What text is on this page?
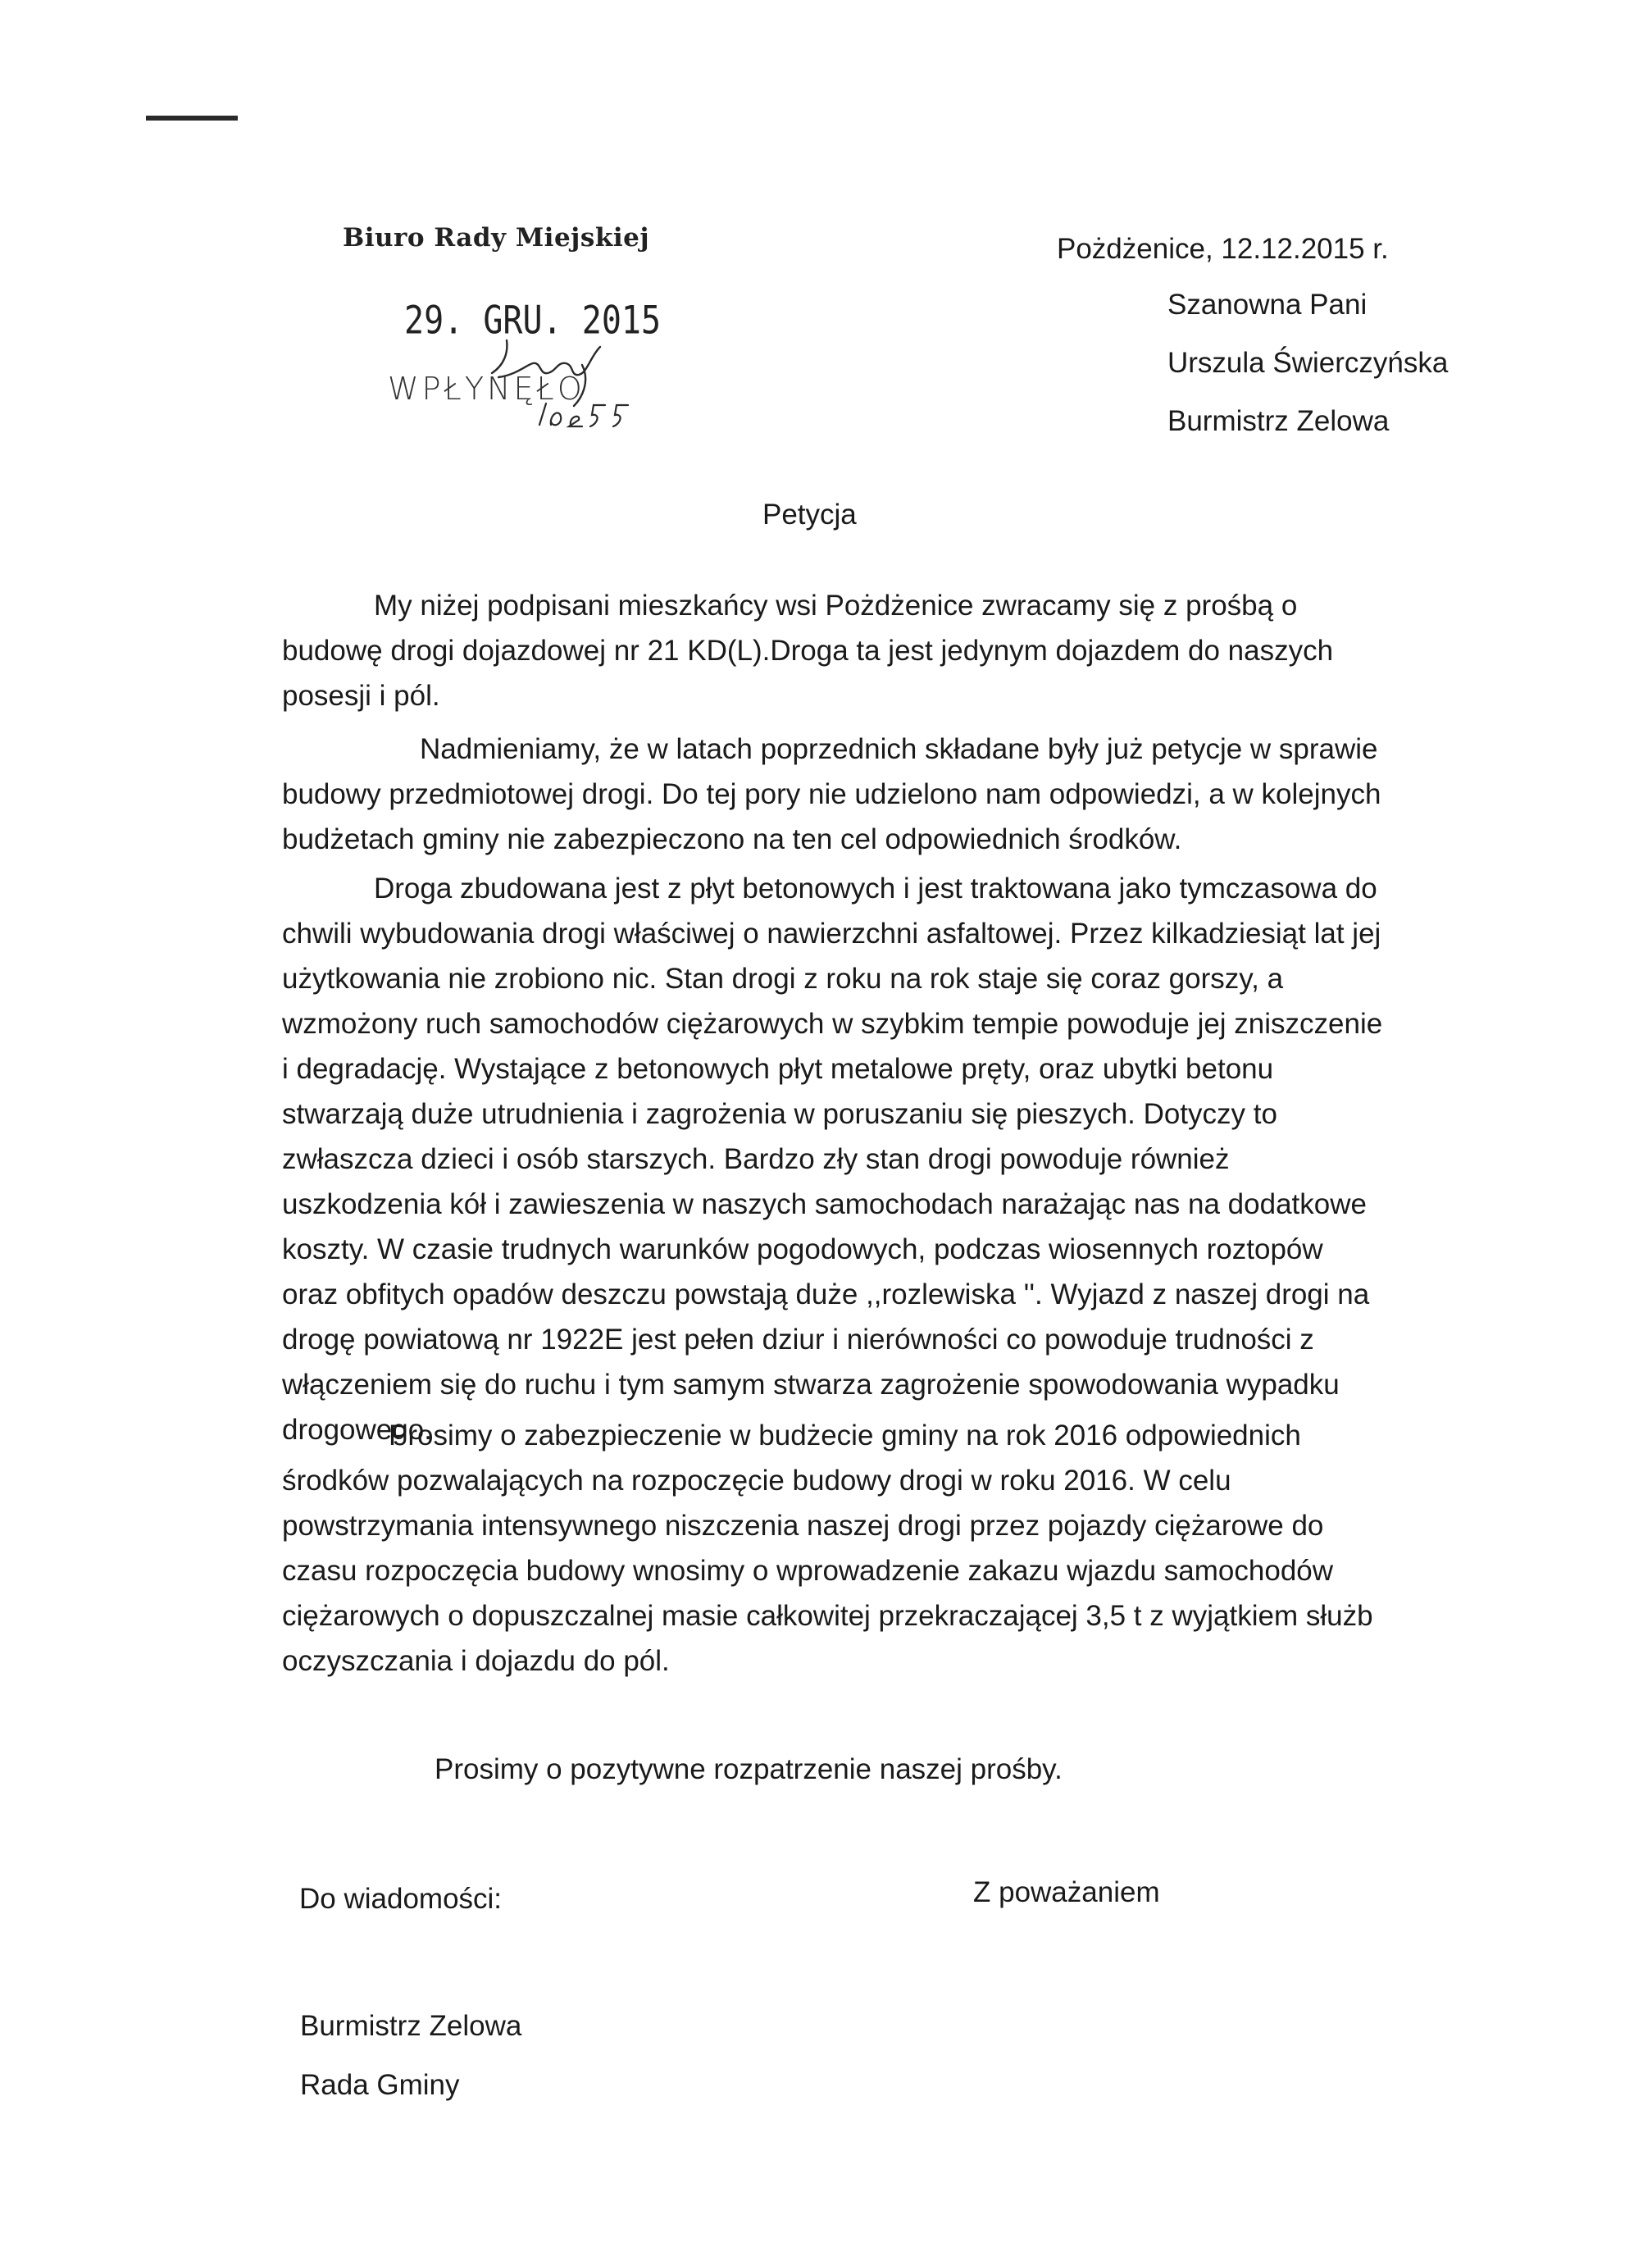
Biuro Rady Miejskiej
29. GRU. 2015
WPŁYNĘŁO
Pożdżenice, 12.12.2015 r.
Szanowna Pani
Urszula Świerczyńska
Burmistrz Zelowa
Petycja
My niżej podpisani mieszkańcy wsi Pożdżenice zwracamy się z prośbą o
budowę drogi dojazdowej nr 21 KD(L).Droga ta jest jedynym dojazdem do naszych
posesji i pól.
Nadmieniamy, że w latach poprzednich składane były już petycje w sprawie
budowy przedmiotowej drogi. Do tej pory nie udzielono nam odpowiedzi, a w kolejnych
budżetach gminy nie zabezpieczono na ten cel odpowiednich środków.
Droga zbudowana jest z płyt betonowych i jest traktowana jako tymczasowa do
chwili wybudowania drogi właściwej o nawierzchni asfaltowej. Przez kilkadziesiąt lat jej
użytkowania nie zrobiono nic. Stan drogi z roku na rok staje się coraz gorszy, a
wzmożony ruch samochodów ciężarowych w szybkim tempie powoduje jej zniszczenie
i degradację. Wystające z betonowych płyt metalowe pręty, oraz ubytki betonu
stwarzają duże utrudnienia i zagrożenia w poruszaniu się pieszych. Dotyczy to
zwłaszcza dzieci i osób starszych. Bardzo zły stan drogi powoduje również
uszkodzenia kół i zawieszenia w naszych samochodach narażając nas na dodatkowe
koszty. W czasie trudnych warunków pogodowych, podczas wiosennych roztopów
oraz obfitych opadów deszczu powstają duże ,,rozlewiska ''. Wyjazd z naszej drogi na
drogę powiatową nr 1922E jest pełen dziur i nierówności co powoduje trudności z
włączeniem się do ruchu i tym samym stwarza zagrożenie spowodowania wypadku
drogowego.
Prosimy o zabezpieczenie w budżecie gminy na rok 2016 odpowiednich
środków pozwalających na rozpoczęcie budowy drogi w roku 2016. W celu
powstrzymania intensywnego niszczenia naszej drogi przez pojazdy ciężarowe do
czasu rozpoczęcia budowy wnosimy o wprowadzenie zakazu wjazdu samochodów
ciężarowych o dopuszczalnej masie całkowitej przekraczającej 3,5 t z wyjątkiem służb
oczyszczania i dojazdu do pól.
Prosimy o pozytywne rozpatrzenie naszej prośby.
Do wiadomości:	Z poważaniem
Burmistrz Zelowa
Rada Gminy
